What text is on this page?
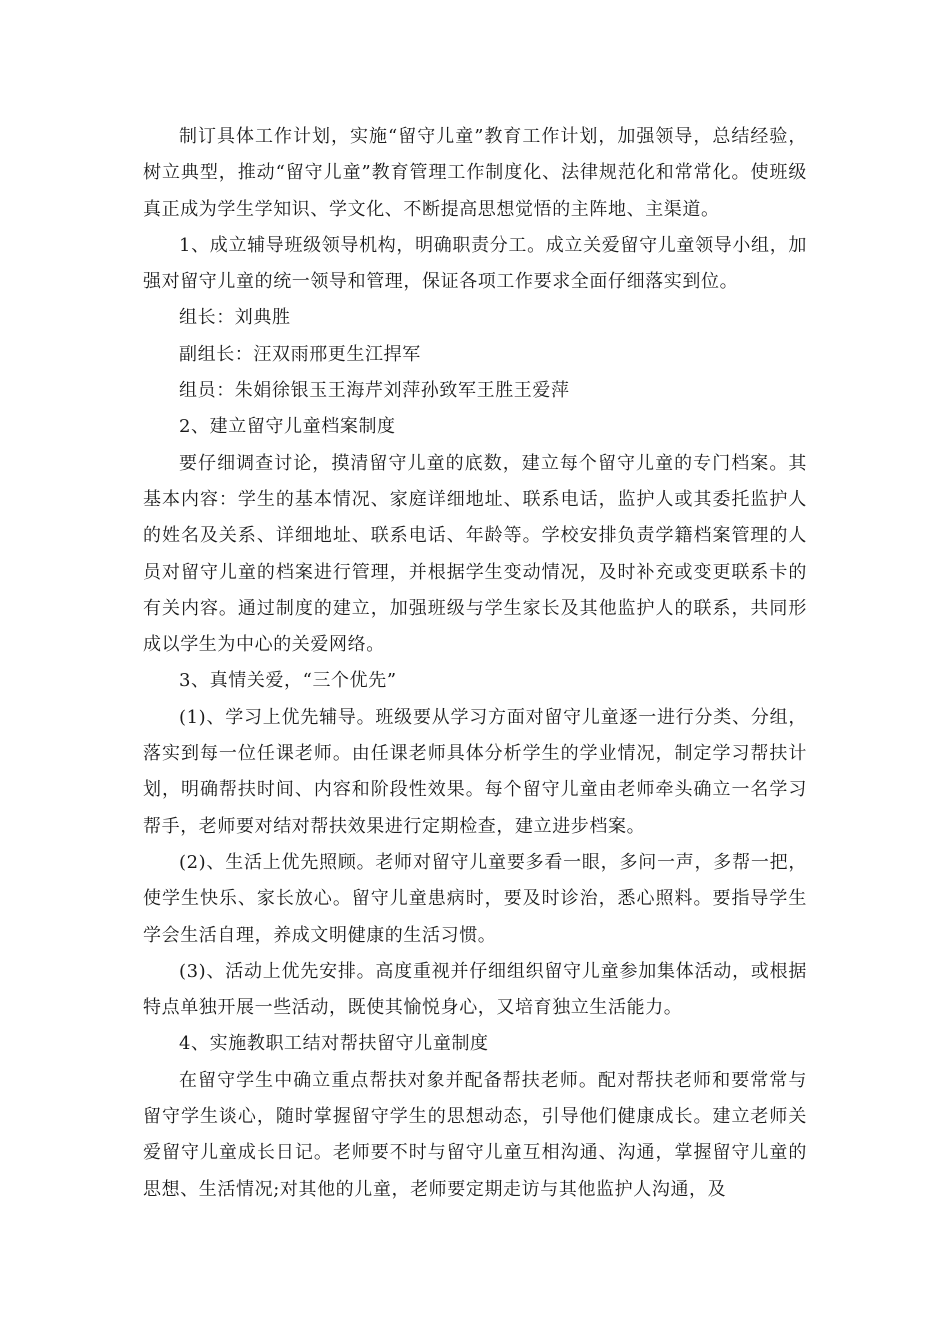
制订具体工作计划，实施“留守儿童”教育工作计划，加强领导，总结经验，树立典型，推动“留守儿童”教育管理工作制度化、法律规范化和常常化。使班级真正成为学生学知识、学文化、不断提高思想觉悟的主阵地、主渠道。

1、成立辅导班级领导机构，明确职责分工。成立关爱留守儿童领导小组，加强对留守儿童的统一领导和管理，保证各项工作要求全面仔细落实到位。

组长：刘典胜

副组长：汪双雨邢更生江捍军

组员：朱娟徐银玉王海芹刘萍孙致军王胜王爱萍

2、建立留守儿童档案制度

要仔细调查讨论，摸清留守儿童的底数，建立每个留守儿童的专门档案。其基本内容：学生的基本情况、家庭详细地址、联系电话，监护人或其委托监护人的姓名及关系、详细地址、联系电话、年龄等。学校安排负责学籍档案管理的人员对留守儿童的档案进行管理，并根据学生变动情况，及时补充或变更联系卡的有关内容。通过制度的建立，加强班级与学生家长及其他监护人的联系，共同形成以学生为中心的关爱网络。

3、真情关爱，“三个优先”

(1)、学习上优先辅导。班级要从学习方面对留守儿童逐一进行分类、分组，落实到每一位任课老师。由任课老师具体分析学生的学业情况，制定学习帮扶计划，明确帮扶时间、内容和阶段性效果。每个留守儿童由老师牵头确立一名学习帮手，老师要对结对帮扶效果进行定期检查，建立进步档案。

(2)、生活上优先照顾。老师对留守儿童要多看一眼，多问一声，多帮一把，使学生快乐、家长放心。留守儿童患病时，要及时诊治，悉心照料。要指导学生学会生活自理，养成文明健康的生活习惯。

(3)、活动上优先安排。高度重视并仔细组织留守儿童参加集体活动，或根据特点单独开展一些活动，既使其愉悦身心，又培育独立生活能力。

4、实施教职工结对帮扶留守儿童制度

在留守学生中确立重点帮扶对象并配备帮扶老师。配对帮扶老师和要常常与留守学生谈心，随时掌握留守学生的思想动态，引导他们健康成长。建立老师关爱留守儿童成长日记。老师要不时与留守儿童互相沟通、沟通，掌握留守儿童的思想、生活情况;对其他的儿童，老师要定期走访与其他监护人沟通，及
